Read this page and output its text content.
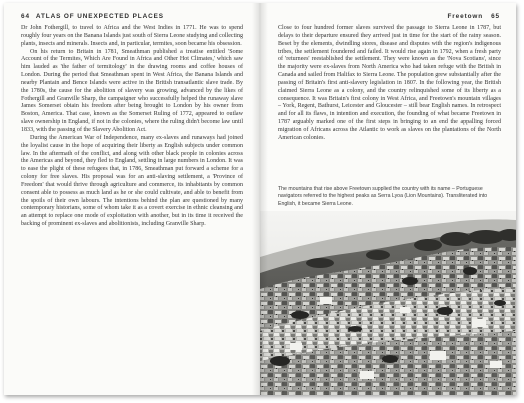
64 ATLAS OF UNEXPECTED PLACES

Dr John Fothergill, to travel to Africa and the West Indies in 1771. He was to spend roughly four years on the Banana Islands just south of Sierra Leone studying and collecting plants, insects and minerals. Insects and, in particular, termites, soon became his obsession.

On his return to Britain in 1781, Smeathman published a treatise entitled 'Some Account of the Termites, Which Are Found in Africa and Other Hot Climates,' which saw him lauded as 'the father of termitology' in the drawing rooms and coffee houses of London. During the period that Smeathman spent in West Africa, the Banana Islands and nearby Plantain and Bence Islands were active in the British transatlantic slave trade. By the 1780s, the cause for the abolition of slavery was growing, advanced by the likes of Fothergill and Granville Sharp, the campaigner who successfully helped the runaway slave James Somerset obtain his freedom after being brought to London by his owner from Boston, America. That case, known as the Somerset Ruling of 1772, appeared to outlaw slave ownership in England, if not in the colonies, where the ruling didn't become law until 1833, with the passing of the Slavery Abolition Act.

During the American War of Independence, many ex-slaves and runaways had joined the loyalist cause in the hope of acquiring their liberty as English subjects under common law. In the aftermath of the conflict, and along with other black people in colonies across the Americas and beyond, they fled to England, settling in large numbers in London. It was to ease the plight of these refugees that, in 1786, Smeathman put forward a scheme for a colony for free slaves. His proposal was for an anti-slaving settlement, a 'Province of Freedom' that would thrive through agriculture and commerce, its inhabitants by common consent able to possess as much land as he or she could cultivate, and able to benefit from the spoils of their own labours. The intentions behind the plan are questioned by many contemporary historians, some of whom take it as a covert exercise in ethnic cleansing and an attempt to replace one mode of exploitation with another, but in its time it received the backing of prominent ex-slaves and abolitionists, including Granville Sharp.

Freetown 65

Close to four hundred former slaves survived the passage to Sierra Leone in 1787, but delays to their departure ensured they arrived just in time for the start of the rainy season. Beset by the elements, dwindling stores, disease and disputes with the region's indigenous tribes, the settlement foundered and failed. It would rise again in 1792, when a fresh party of 'returnees' reestablished the settlement. They were known as the 'Nova Scotians', since the majority were ex-slaves from North America who had taken refuge with the British in Canada and sailed from Halifax to Sierra Leone. The population grew substantially after the passing of Britain's first anti-slavery legislation in 1807. In the following year, the British claimed Sierra Leone as a colony, and the country relinquished some of its liberty as a consequence. It was Britain's first colony in West Africa, and Freetown's mountain villages – York, Regent, Bathurst, Leicester and Gloucester – still bear English names. In retrospect and for all its flaws, in intention and execution, the founding of what became Freetown in 1787 arguably marked one of the first steps in bringing to an end the appalling forced migration of Africans across the Atlantic to work as slaves on the plantations of the North American colonies.

The mountains that rise above Freetown supplied the country with its name – Portuguese navigators referred to the highest peaks as Serra Lyoa (Lion Mountains). Transliterated into English, it became Sierra Leone.
